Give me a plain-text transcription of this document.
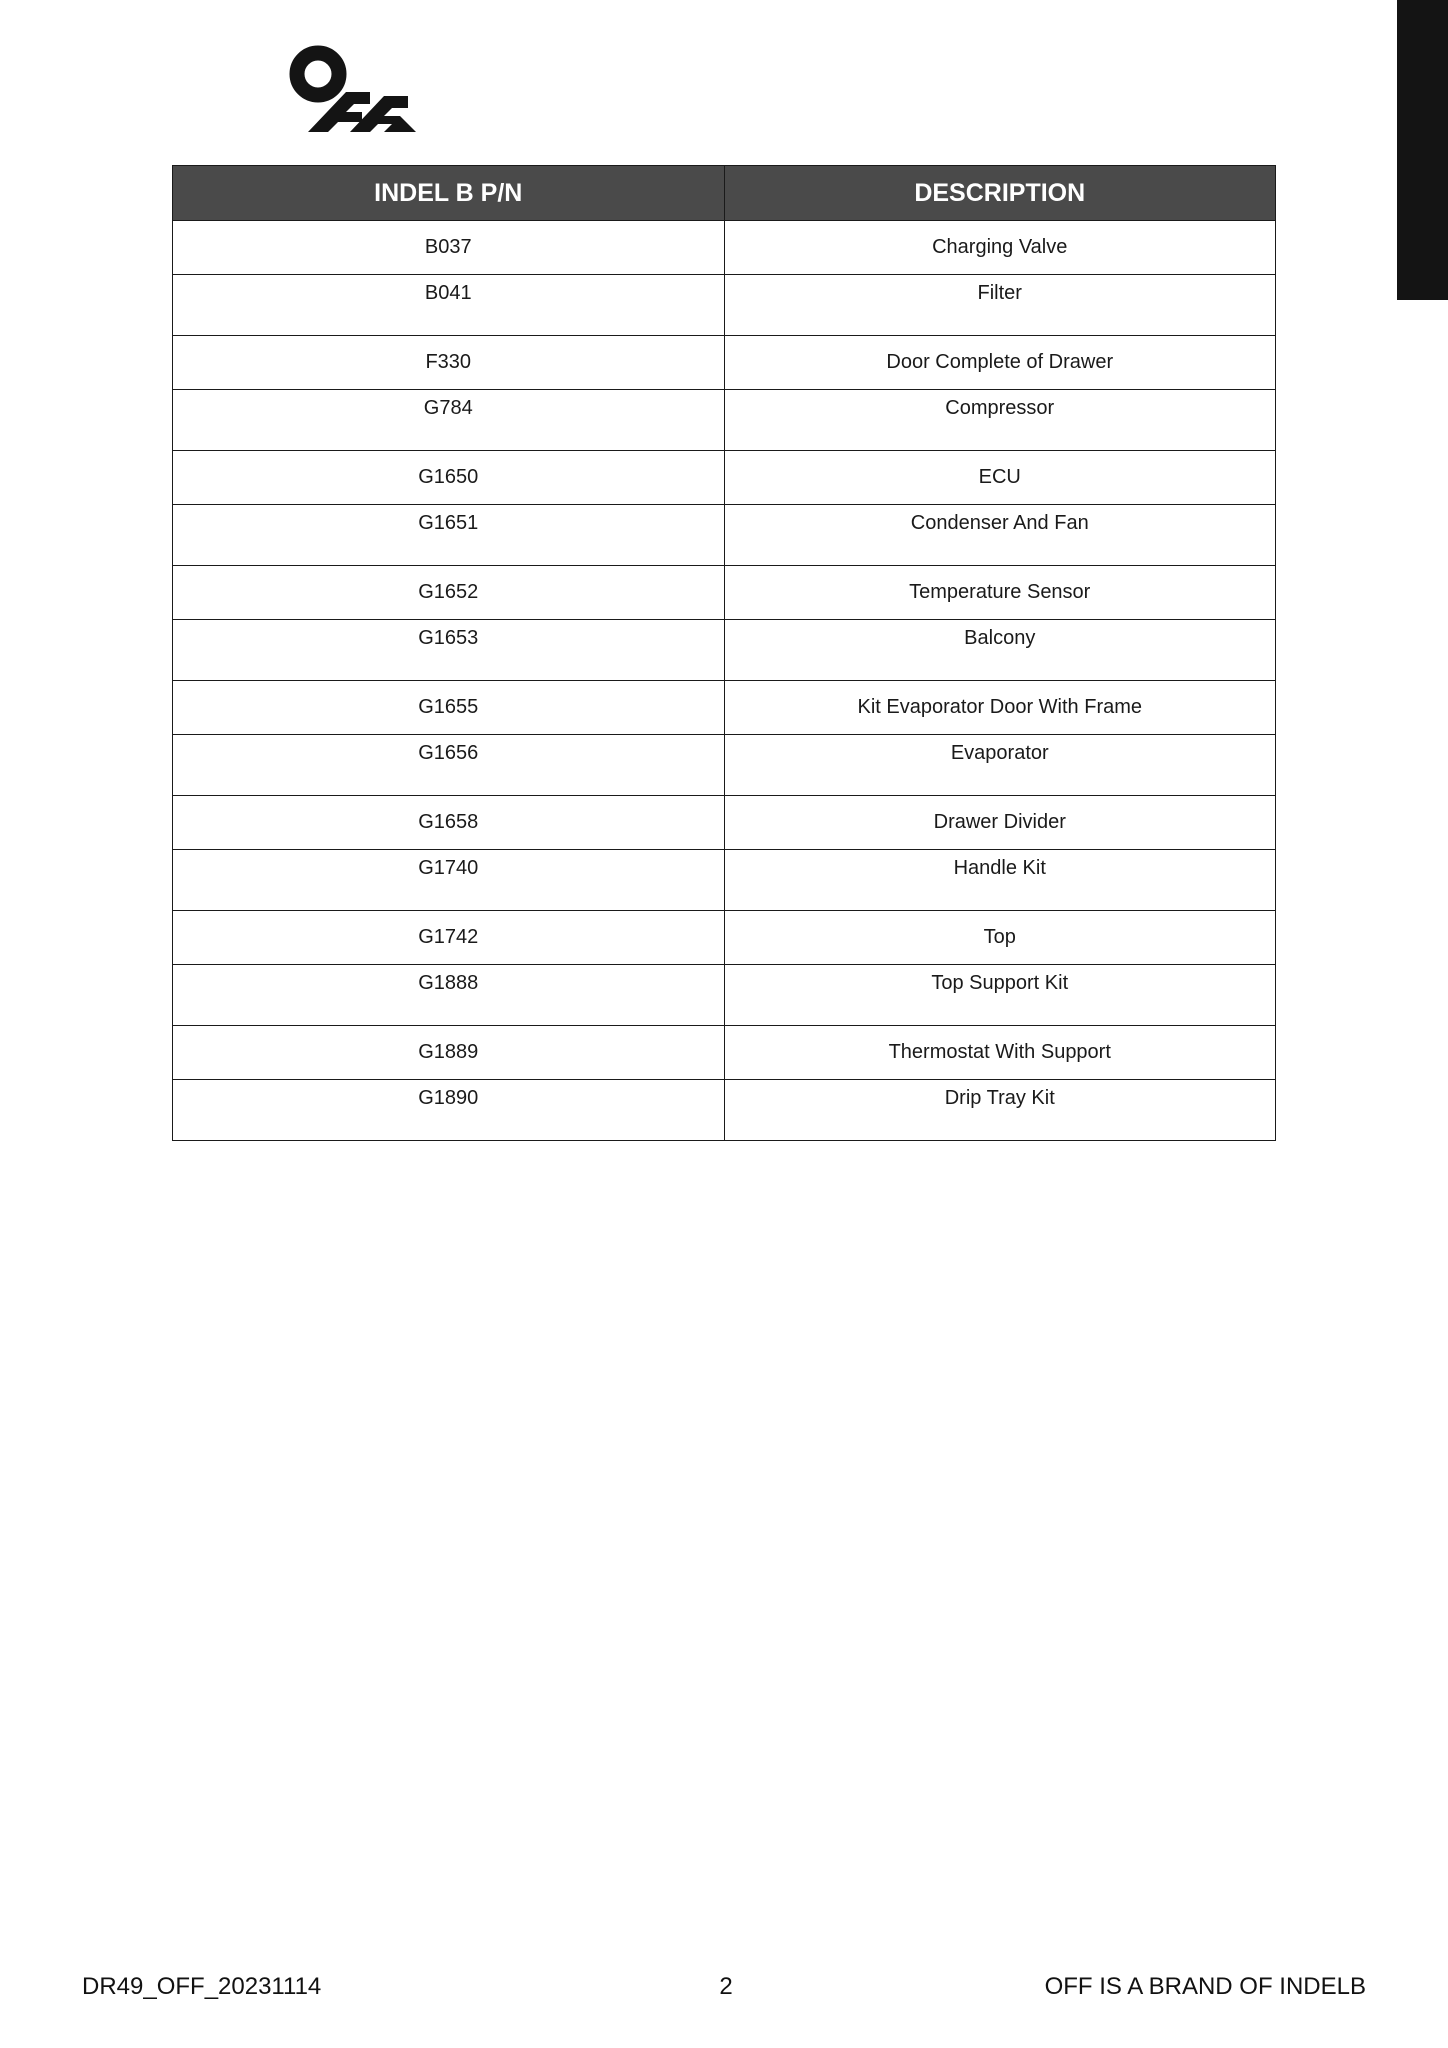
INDEL B P/N	DESCRIPTION
B037	Charging Valve
B041	Filter
F330	Door Complete of Drawer
G784	Compressor
G1650	ECU
G1651	Condenser And Fan
G1652	Temperature Sensor
G1653	Balcony
G1655	Kit Evaporator Door With Frame
G1656	Evaporator
G1658	Drawer Divider
G1740	Handle Kit
G1742	Top
G1888	Top Support Kit
G1889	Thermostat With Support
G1890	Drip Tray Kit
DR49_OFF_20231114	2	OFF IS A BRAND OF INDELB
